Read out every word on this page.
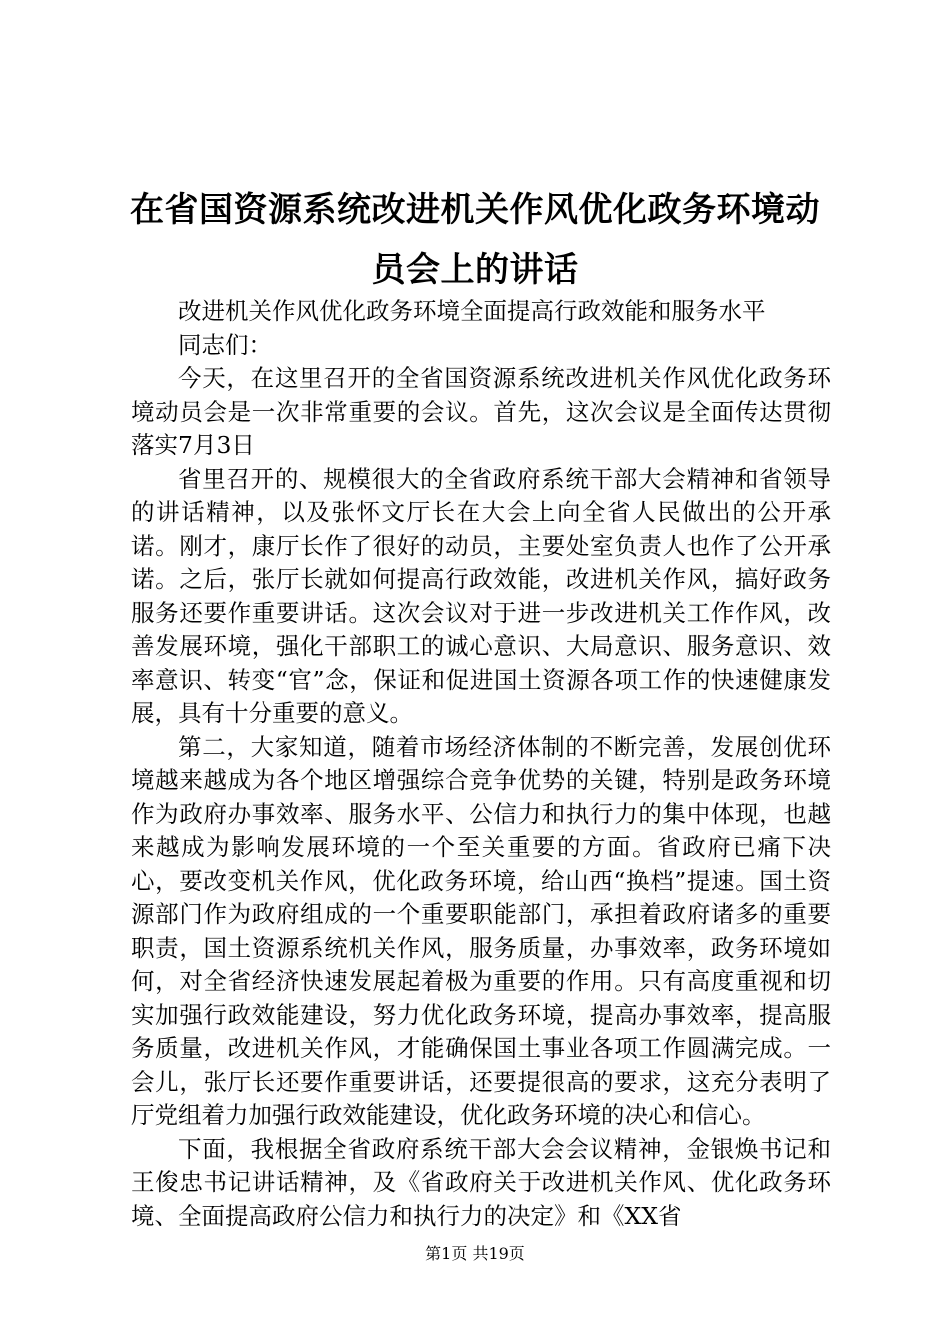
在省国资源系统改进机关作风优化政务环境动
员会上的讲话

改进机关作风优化政务环境全面提高行政效能和服务水平

同志们：

今天，在这里召开的全省国资源系统改进机关作风优化政务环境动员会是一次非常重要的会议。首先，这次会议是全面传达贯彻落实7月3日

省里召开的、规模很大的全省政府系统干部大会精神和省领导的讲话精神，以及张怀文厅长在大会上向全省人民做出的公开承诺。刚才，康厅长作了很好的动员，主要处室负责人也作了公开承诺。之后，张厅长就如何提高行政效能，改进机关作风，搞好政务服务还要作重要讲话。这次会议对于进一步改进机关工作作风，改善发展环境，强化干部职工的诚心意识、大局意识、服务意识、效率意识、转变“官”念，保证和促进国土资源各项工作的快速健康发展，具有十分重要的意义。

第二，大家知道，随着市场经济体制的不断完善，发展创优环境越来越成为各个地区增强综合竞争优势的关键，特别是政务环境作为政府办事效率、服务水平、公信力和执行力的集中体现，也越来越成为影响发展环境的一个至关重要的方面。省政府已痛下决心，要改变机关作风，优化政务环境，给山西“换档”提速。国土资源部门作为政府组成的一个重要职能部门，承担着政府诸多的重要职责，国土资源系统机关作风，服务质量，办事效率，政务环境如何，对全省经济快速发展起着极为重要的作用。只有高度重视和切实加强行政效能建设，努力优化政务环境，提高办事效率，提高服务质量，改进机关作风，才能确保国土事业各项工作圆满完成。一会儿，张厅长还要作重要讲话，还要提很高的要求，这充分表明了厅党组着力加强行政效能建设，优化政务环境的决心和信心。

下面，我根据全省政府系统干部大会会议精神，金银焕书记和王俊忠书记讲话精神，及《省政府关于改进机关作风、优化政务环境、全面提高政府公信力和执行力的决定》和《XX省

第1页 共19页
